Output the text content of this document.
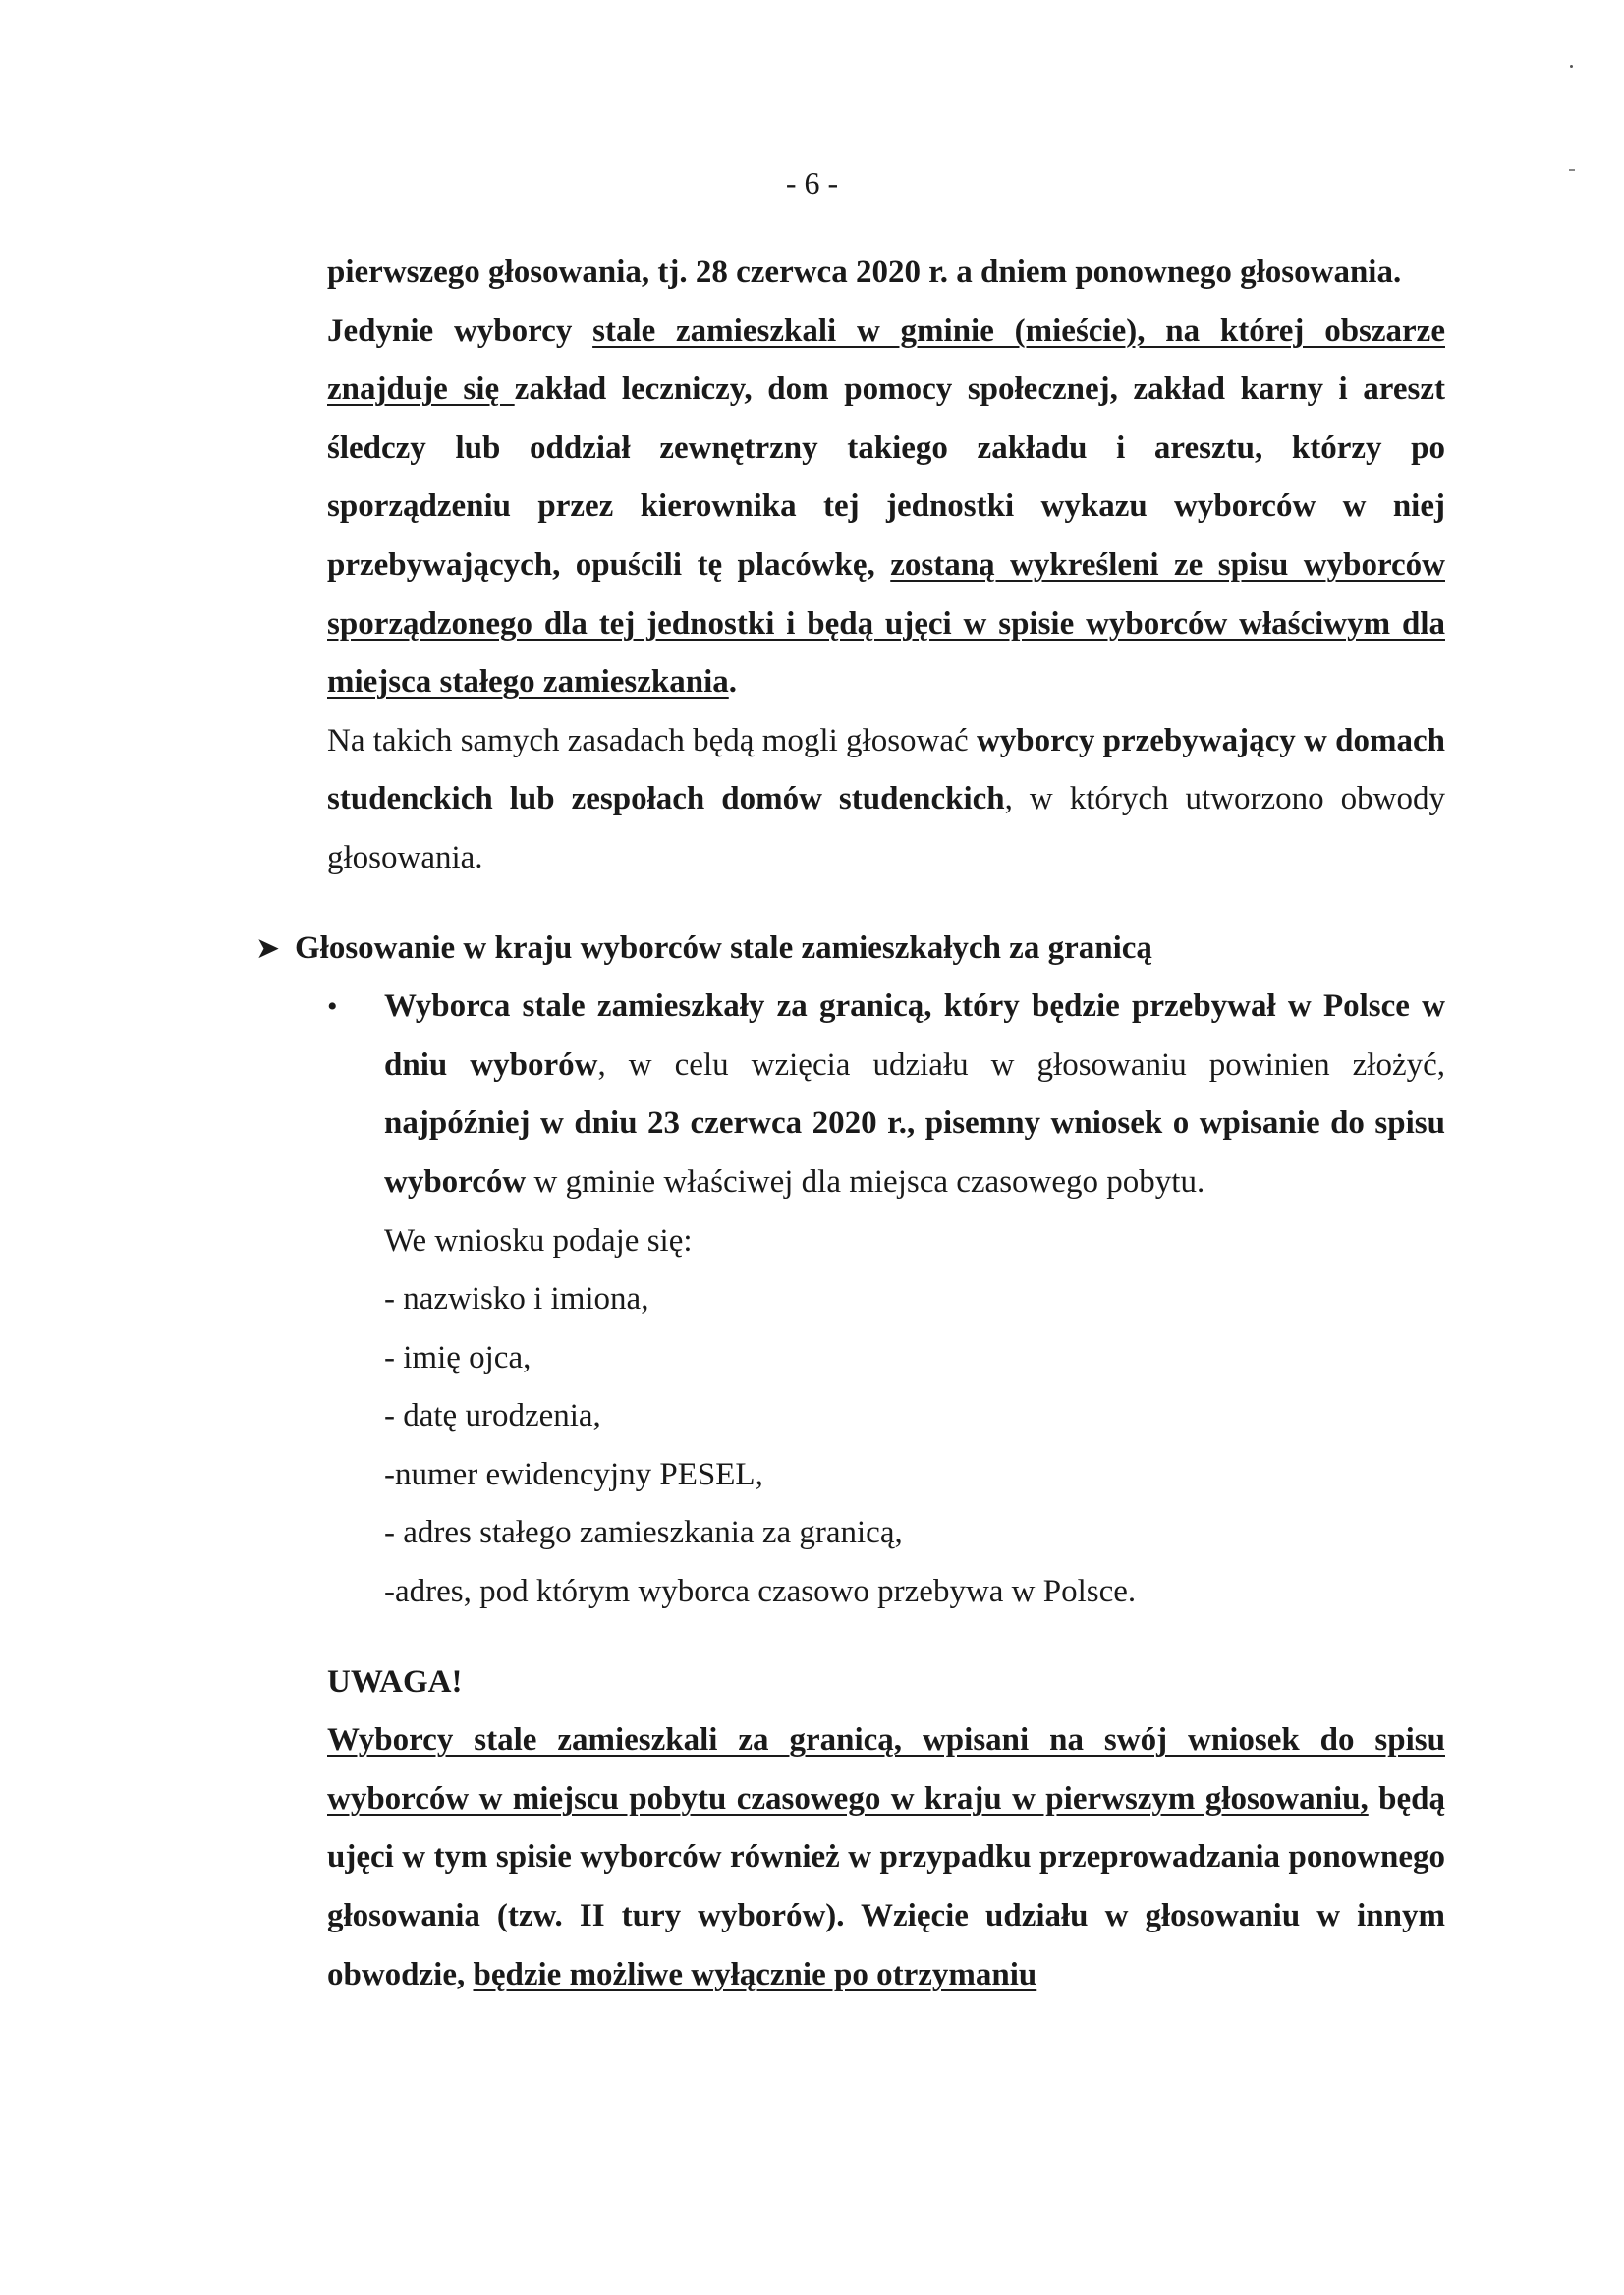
- 6 -

pierwszego głosowania, tj. 28 czerwca 2020 r. a dniem ponownego głosowania.

Jedynie wyborcy stale zamieszkali w gminie (mieście), na której obszarze znajduje się zakład leczniczy, dom pomocy społecznej, zakład karny i areszt śledczy lub oddział zewnętrzny takiego zakładu i aresztu, którzy po sporządzeniu przez kierownika tej jednostki wykazu wyborców w niej przebywających, opuścili tę placówkę, zostaną wykreśleni ze spisu wyborców sporządzonego dla tej jednostki i będą ujęci w spisie wyborców właściwym dla miejsca stałego zamieszkania.

Na takich samych zasadach będą mogli głosować wyborcy przebywający w domach studenckich lub zespołach domów studenckich, w których utworzono obwody głosowania.

➤ Głosowanie w kraju wyborców stale zamieszkałych za granicą
•	Wyborca stale zamieszkały za granicą, który będzie przebywał w Polsce w dniu wyborów, w celu wzięcia udziału w głosowaniu powinien złożyć, najpóźniej w dniu 23 czerwca 2020 r., pisemny wniosek o wpisanie do spisu wyborców w gminie właściwej dla miejsca czasowego pobytu.

We wniosku podaje się:

- nazwisko i imiona,

- imię ojca,

- datę urodzenia,

-numer ewidencyjny PESEL,

- adres stałego zamieszkania za granicą,

-adres, pod którym wyborca czasowo przebywa w Polsce.

UWAGA!

Wyborcy stale zamieszkali za granicą, wpisani na swój wniosek do spisu wyborców w miejscu pobytu czasowego w kraju w pierwszym głosowaniu, będą ujęci w tym spisie wyborców również w przypadku przeprowadzania ponownego głosowania (tzw. II tury wyborów). Wzięcie udziału w głosowaniu w innym obwodzie, będzie możliwe wyłącznie po otrzymaniu
